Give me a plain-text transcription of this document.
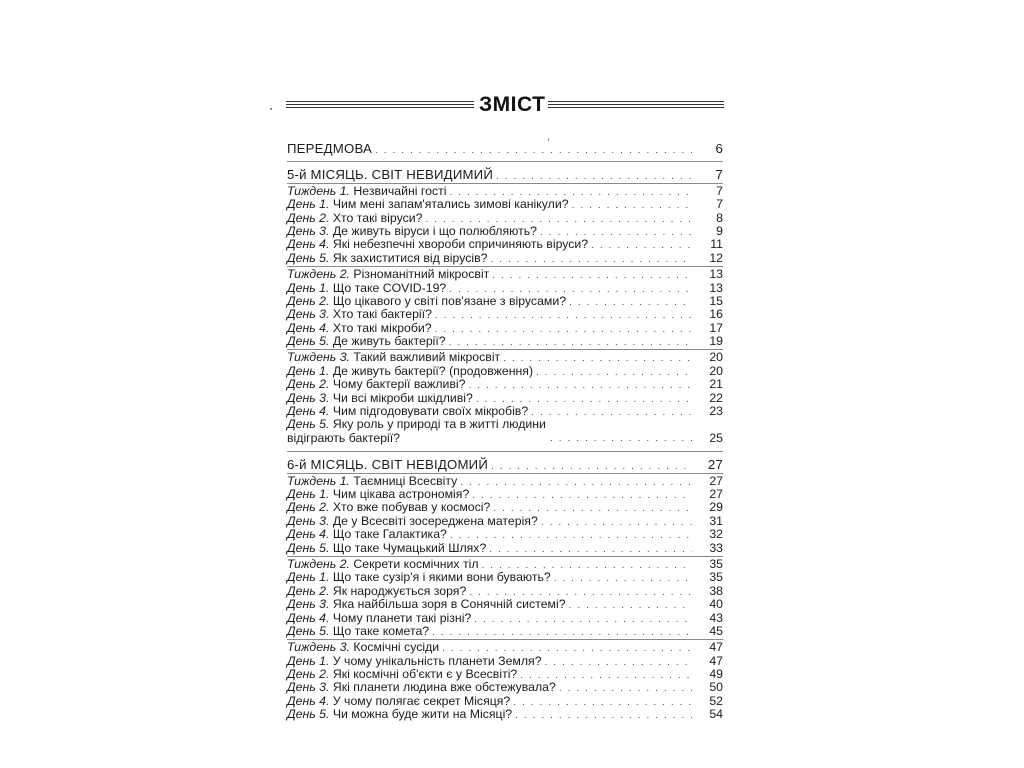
ЗМІСТ
ПЕРЕДМОВА . . .	6
5-й МІСЯЦЬ. СВІТ НЕВИДИМИЙ . . .	7
Тиждень 1. Незвичайні гості . . .	7
День 1. Чим мені запам'ятались зимові канікули? . . .	7
День 2. Хто такі віруси? . . .	8
День 3. Де живуть віруси і що полюбляють? . . .	9
День 4. Які небезпечні хвороби спричиняють віруси? . . .	11
День 5. Як захиститися від вірусів? . . .	12
Тиждень 2. Різноманітний мікросвіт . . .	13
День 1. Що таке COVID-19? . . .	13
День 2. Що цікавого у світі пов'язане з вірусами? . . .	15
День 3. Хто такі бактерії? . . .	16
День 4. Хто такі мікроби? . . .	17
День 5. Де живуть бактерії? . . .	19
Тиждень 3. Такий важливий мікросвіт . . .	20
День 1. Де живуть бактерії? (продовження) . . .	20
День 2. Чому бактерії важливі? . . .	21
День 3. Чи всі мікроби шкідливі? . . .	22
День 4. Чим підгодовувати своїх мікробів? . . .	23
День 5. Яку роль у природі та в житті людини відіграють бактерії? . . .	25
6-й МІСЯЦЬ. СВІТ НЕВІДОМИЙ . . .	27
Тиждень 1. Таємниці Всесвіту . . .	27
День 1. Чим цікава астрономія? . . .	27
День 2. Хто вже побував у космосі? . . .	29
День 3. Де у Всесвіті зосереджена матерія? . . .	31
День 4. Що таке Галактика? . . .	32
День 5. Що таке Чумацький Шлях? . . .	33
Тиждень 2. Секрети космічних тіл . . .	35
День 1. Що таке сузір'я і якими вони бувають? . . .	35
День 2. Як народжується зоря? . . .	38
День 3. Яка найбільша зоря в Сонячній системі? . . .	40
День 4. Чому планети такі різні? . . .	43
День 5. Що таке комета? . . .	45
Тиждень 3. Космічні сусіди . . .	47
День 1. У чому унікальність планети Земля? . . .	47
День 2. Які космічні об'єкти є у Всесвіті? . . .	49
День 3. Які планети людина вже обстежувала? . . .	50
День 4. У чому полягає секрет Місяця? . . .	52
День 5. Чи можна буде жити на Місяці? . . .	54
